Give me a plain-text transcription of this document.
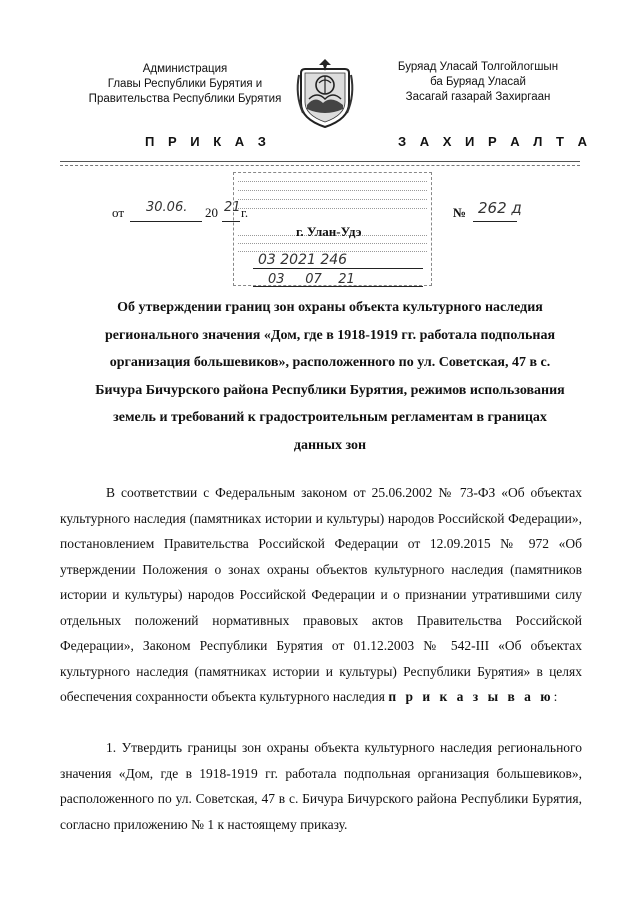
Администрация
Главы Республики Бурятия и
Правительства Республики Бурятия
Буряад Уласай Толгойлогшын
ба Буряад Уласай
Засагай газарай Захиргаан
П Р И К А З	З А Х И Р А Л Т А
от 30.06. 20 21 г.	№ 262 д
г. Улан-Удэ
03 2021 246
03     07    21
Об утверждении границ зон охраны объекта культурного наследия регионального значения «Дом, где в 1918-1919 гг. работала подпольная организация большевиков», расположенного по ул. Советская, 47 в с. Бичура Бичурского района Республики Бурятия, режимов использования земель и требований к градостроительным регламентам в границах данных зон
В соответствии с Федеральным законом от 25.06.2002 № 73-ФЗ «Об объектах культурного наследия (памятниках истории и культуры) народов Российской Федерации», постановлением Правительства Российской Федерации от 12.09.2015 № 972 «Об утверждении Положения о зонах охраны объектов культурного наследия (памятников истории и культуры) народов Российской Федерации и о признании утратившими силу отдельных положений нормативных правовых актов Правительства Российской Федерации», Законом Республики Бурятия от 01.12.2003 № 542-III «Об объектах культурного наследия (памятниках истории и культуры) Республики Бурятия» в целях обеспечения сохранности объекта культурного наследия п р и к а з ы в а ю:
1. Утвердить границы зон охраны объекта культурного наследия регионального значения «Дом, где в 1918-1919 гг. работала подпольная организация большевиков», расположенного по ул. Советская, 47 в с. Бичура Бичурского района Республики Бурятия, согласно приложению № 1 к настоящему приказу.
